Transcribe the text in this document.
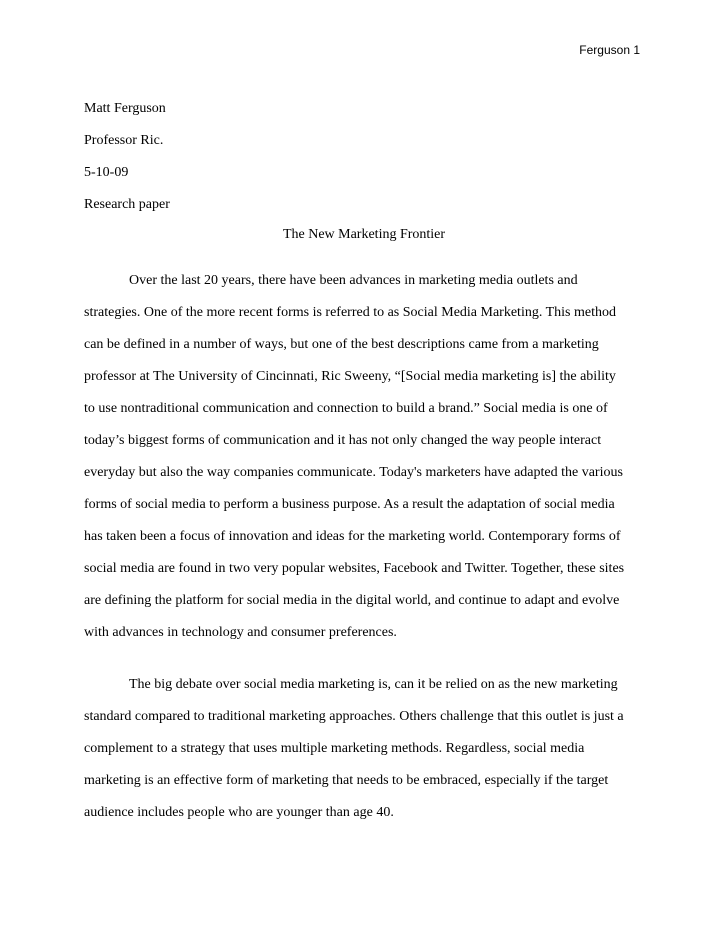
Ferguson 1
Matt Ferguson
Professor Ric.
5-10-09
Research paper
The New Marketing Frontier
Over the last 20 years, there have been advances in marketing media outlets and
strategies. One of the more recent forms is referred to as Social Media Marketing. This method
can be defined in a number of ways, but one of the best descriptions came from a marketing
professor at The University of Cincinnati, Ric Sweeny, “[Social media marketing is] the ability
to use nontraditional communication and connection to build a brand.” Social media is one of
today’s biggest forms of communication and it has not only changed the way people interact
everyday but also the way companies communicate. Today's marketers have adapted the various
forms of social media to perform a business purpose. As a result the adaptation of social media
has taken been a focus of innovation and ideas for the marketing world. Contemporary forms of
social media are found in two very popular websites, Facebook and Twitter. Together, these sites
are defining the platform for social media in the digital world, and continue to adapt and evolve
with advances in technology and consumer preferences.
The big debate over social media marketing is, can it be relied on as the new marketing
standard compared to traditional marketing approaches. Others challenge that this outlet is just a
complement to a strategy that uses multiple marketing methods. Regardless, social media
marketing is an effective form of marketing that needs to be embraced, especially if the target
audience includes people who are younger than age 40.
